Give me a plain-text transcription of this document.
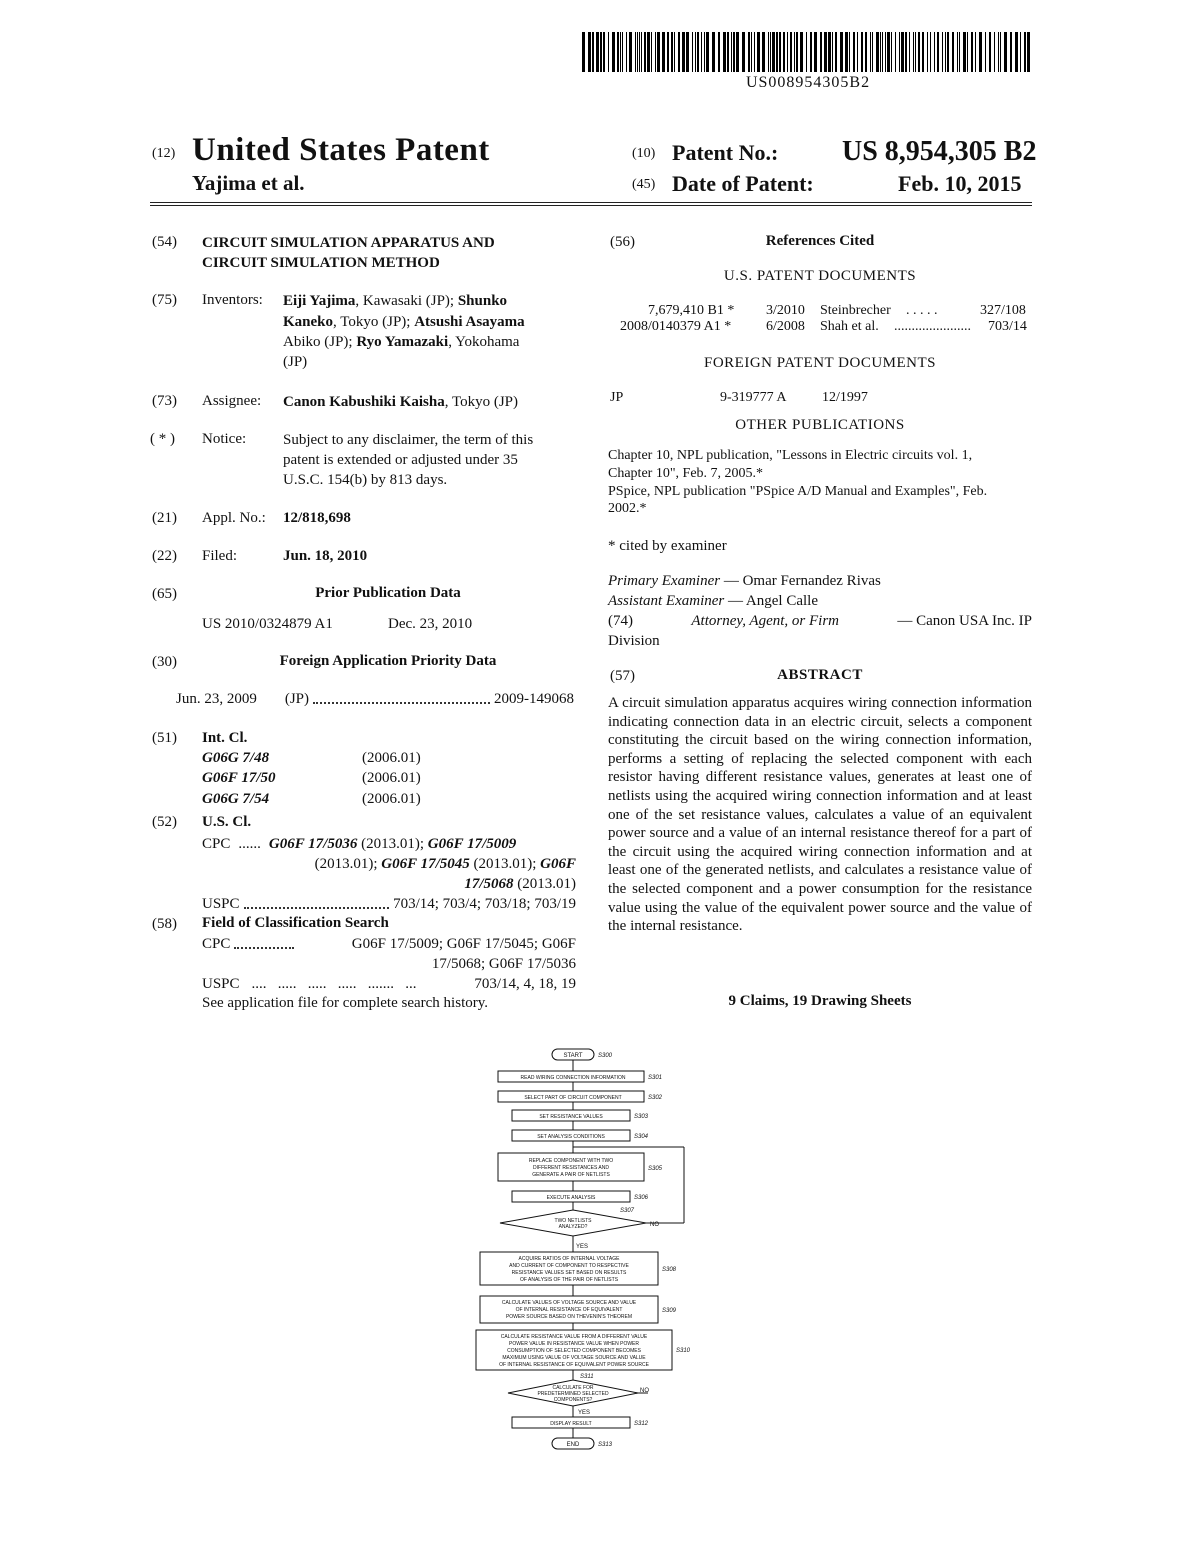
US008954305B2
(12) United States Patent
Yajima et al.
(10) Patent No.: US 8,954,305 B2
(45) Date of Patent:	Feb. 10, 2015
(54) CIRCUIT SIMULATION APPARATUS AND
CIRCUIT SIMULATION METHOD
(75) Inventors: Eiji Yajima, Kawasaki (JP); Shunko
Kaneko, Tokyo (JP); Atsushi Asayama
Abiko (JP); Ryo Yamazaki, Yokohama
(JP)
(73) Assignee: Canon Kabushiki Kaisha, Tokyo (JP)
( * ) Notice: Subject to any disclaimer, the term of this
patent is extended or adjusted under 35
U.S.C. 154(b) by 813 days.
(21) Appl. No.: 12/818,698
(22) Filed:	Jun. 18, 2010
(65)	Prior Publication Data
US 2010/0324879 A1	Dec. 23, 2010
(30)	Foreign Application Priority Data
Jun. 23, 2009 (JP)	2009-149068
(51) Int. Cl.
G06G 7/48	(2006.01)
G06F 17/50	(2006.01)
G06G 7/54	(2006.01)
(52) U.S. Cl.
CPC ...... G06F 17/5036 (2013.01); G06F 17/5009
(2013.01); G06F 17/5045 (2013.01); G06F
17/5068 (2013.01)
USPC	703/14; 703/4; 703/18; 703/19
(58) Field of Classification Search
CPC	G06F 17/5009; G06F 17/5045; G06F
17/5068; G06F 17/5036
USPC ....   .....   .....   .....   .......   ...	703/14, 4, 18, 19
See application file for complete search history.
(56)	References Cited
U.S. PATENT DOCUMENTS
7,679,410 B1 * 3/2010 Steinbrecher . . . . .	327/108
2008/0140379 A1 * 6/2008 Shah et al. ...................... 703/14
FOREIGN PATENT DOCUMENTS
JP	9-319777 A	12/1997
OTHER PUBLICATIONS
Chapter 10, NPL publication, "Lessons in Electric circuits vol. 1,
Chapter 10", Feb. 7, 2005.*
PSpice, NPL publication "PSpice A/D Manual and Examples", Feb.
2002.*
* cited by examiner
Primary Examiner — Omar Fernandez Rivas
Assistant Examiner — Angel Calle
(74)	Attorney, Agent, or Firm	— Canon USA Inc. IP
Division
(57)	ABSTRACT
A circuit simulation apparatus acquires wiring connection information indicating connection data in an electric circuit, selects a component constituting the circuit based on the wiring connection information, performs a setting of replacing the selected component with each resistor having different resistance values, generates at least one of netlists using the acquired wiring connection information and at least one of the set resistance values, calculates a value of an equivalent power source and a value of an internal resistance thereof for a part of the circuit using the acquired wiring connection information and at least one of the generated netlists, and calculates a resistance value of the selected component and a power consumption for the resistance value using the value of the equivalent power source and the value of the internal resistance.
9 Claims, 19 Drawing Sheets
START
READ WIRING CONNECTION INFORMATION
SELECT PART OF CIRCUIT COMPONENT
SET RESISTANCE VALUES
SET ANALYSIS CONDITIONS
REPLACE COMPONENT WITH TWO
DIFFERENT RESISTANCES AND
GENERATE A PAIR OF NETLISTS
EXECUTE ANALYSIS
TWO NETLISTS
ANALYZED?
ACQUIRE RATIOS OF INTERNAL VOLTAGE
AND CURRENT OF COMPONENT TO RESPECTIVE
RESISTANCE VALUES SET BASED ON RESULTS
OF ANALYSIS OF THE PAIR OF NETLISTS
CALCULATE VALUES OF VOLTAGE SOURCE AND VALUE
OF INTERNAL RESISTANCE OF EQUIVALENT
POWER SOURCE BASED ON THEVENIN'S THEOREM
CALCULATE RESISTANCE VALUE FROM A DIFFERENT VALUE
POWER VALUE IN RESISTANCE VALUE WHEN POWER
CONSUMPTION OF SELECTED COMPONENT BECOMES
MAXIMUM USING VALUE OF VOLTAGE SOURCE AND VALUE
OF INTERNAL RESISTANCE OF EQUIVALENT POWER SOURCE
CALCULATE FOR
PREDETERMINED SELECTED
COMPONENTS?
DISPLAY RESULT
END
S300
S301
S302
S303
S304
S305
S306
S307
NO
YES
S308
S309
S310
S311
NO
YES
S312
S313
